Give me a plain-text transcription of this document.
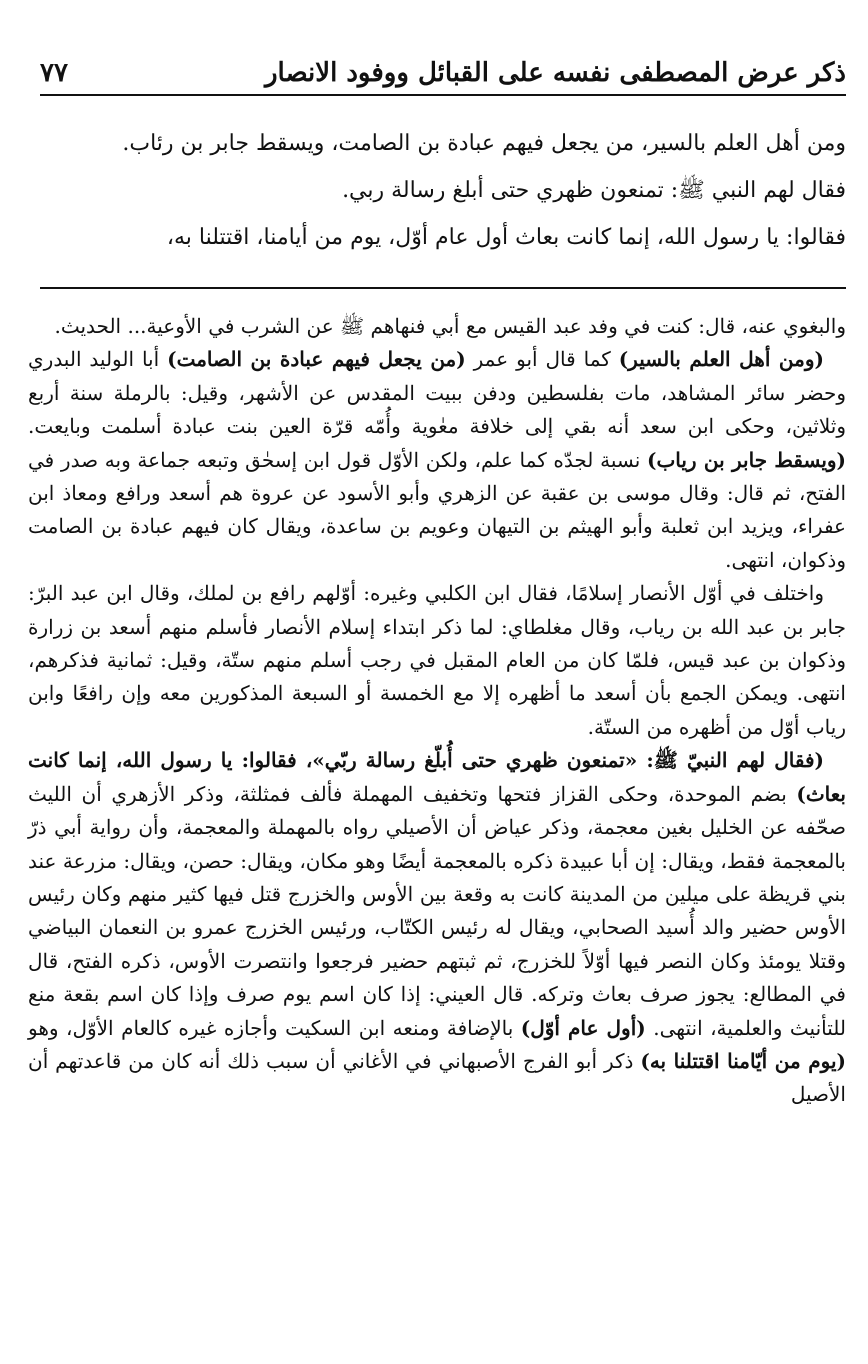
ذكر عرض المصطفى نفسه على القبائل ووفود الانصار
٧٧

ومن أهل العلم بالسير، من يجعل فيهم عبادة بن الصامت، ويسقط جابر بن رئاب.

فقال لهم النبي ﷺ: تمنعون ظهري حتى أبلغ رسالة ربي.

فقالوا: يا رسول الله، إنما كانت بعاث أول عام أوّل، يوم من أيامنا، اقتتلنا به،

والبغوي عنه، قال: كنت في وفد عبد القيس مع أبي فنهاهم ﷺ عن الشرب في الأوعية... الحديث.

(ومن أهل العلم بالسير) كما قال أبو عمر (من يجعل فيهم عبادة بن الصامت) أبا الوليد البدري وحضر سائر المشاهد، مات بفلسطين ودفن ببيت المقدس عن الأشهر، وقيل: بالرملة سنة أربع وثلاثين، وحكى ابن سعد أنه بقي إلى خلافة معٰوية وأُمّه قرّة العين بنت عبادة أسلمت وبايعت. (ويسقط جابر بن رياب) نسبة لجدّه كما علم، ولكن الأوّل قول ابن إسحٰق وتبعه جماعة وبه صدر في الفتح، ثم قال: وقال موسى بن عقبة عن الزهري وأبو الأسود عن عروة هم أسعد ورافع ومعاذ ابن عفراء، ويزيد ابن ثعلبة وأبو الهيثم بن التيهان وعويم بن ساعدة، ويقال كان فيهم عبادة بن الصامت وذكوان، انتهى.

واختلف في أوّل الأنصار إسلامًا، فقال ابن الكلبي وغيره: أوّلهم رافع بن لملك، وقال ابن عبد البرّ: جابر بن عبد الله بن رياب، وقال مغلطاي: لما ذكر ابتداء إسلام الأنصار فأسلم منهم أسعد بن زرارة وذكوان بن عبد قيس، فلمّا كان من العام المقبل في رجب أسلم منهم ستّة، وقيل: ثمانية فذكرهم، انتهى. ويمكن الجمع بأن أسعد ما أظهره إلا مع الخمسة أو السبعة المذكورين معه وإن رافعًا وابن رياب أوّل من أظهره من الستّة.

(فقال لهم النبيّ ﷺ: «تمنعون ظهري حتى أُبلّغ رسالة ربّي»، فقالوا: يا رسول الله، إنما كانت بعاث) بضم الموحدة، وحكى القزاز فتحها وتخفيف المهملة فألف فمثلثة، وذكر الأزهري أن الليث صحّفه عن الخليل بغين معجمة، وذكر عياض أن الأصيلي رواه بالمهملة والمعجمة، وأن رواية أبي ذرّ بالمعجمة فقط، ويقال: إن أبا عبيدة ذكره بالمعجمة أيضًا وهو مكان، ويقال: حصن، ويقال: مزرعة عند بني قريظة على ميلين من المدينة كانت به وقعة بين الأوس والخزرج قتل فيها كثير منهم وكان رئيس الأوس حضير والد أُسيد الصحابي، ويقال له رئيس الكتّاب، ورئيس الخزرج عمرو بن النعمان البياضي وقتلا يومئذ وكان النصر فيها أوّلاً للخزرج، ثم ثبتهم حضير فرجعوا وانتصرت الأوس، ذكره الفتح، قال في المطالع: يجوز صرف بعاث وتركه. قال العيني: إذا كان اسم يوم صرف وإذا كان اسم بقعة منع للتأنيث والعلمية، انتهى. (أول عام أوّل) بالإضافة ومنعه ابن السكيت وأجازه غيره كالعام الأوّل، وهو (يوم من أيّامنا اقتتلنا به) ذكر أبو الفرج الأصبهاني في الأغاني أن سبب ذلك أنه كان من قاعدتهم أن الأصيل
